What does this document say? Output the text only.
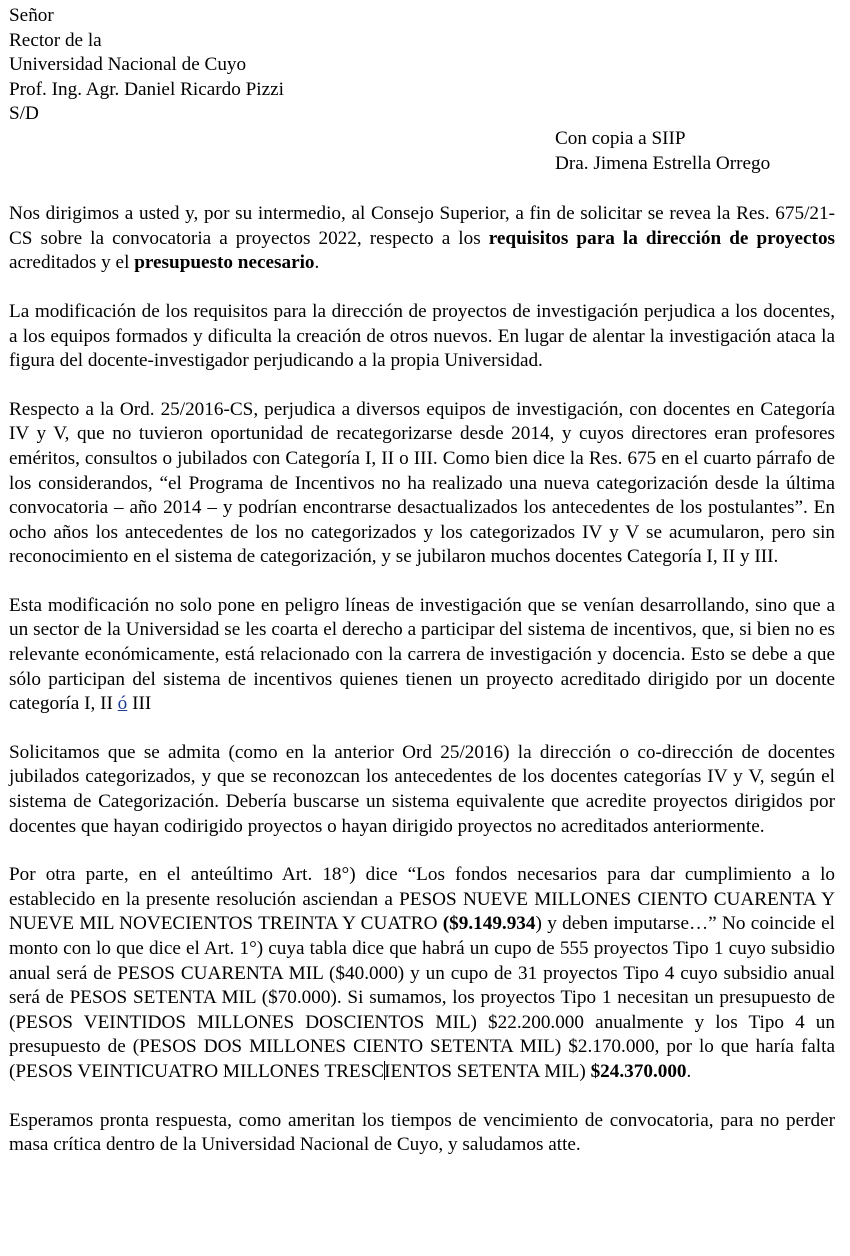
Señor
Rector de la
Universidad Nacional de Cuyo
Prof. Ing. Agr. Daniel Ricardo Pizzi
S/D
Con copia a SIIP
Dra. Jimena Estrella Orrego

Nos dirigimos a usted y, por su intermedio, al Consejo Superior, a fin de solicitar se revea la Res. 675/21-CS sobre la convocatoria a proyectos 2022, respecto a los requisitos para la dirección de proyectos acreditados y el presupuesto necesario.

La modificación de los requisitos para la dirección de proyectos de investigación perjudica a los docentes, a los equipos formados y dificulta la creación de otros nuevos. En lugar de alentar la investigación ataca la figura del docente-investigador perjudicando a la propia Universidad.

Respecto a la Ord. 25/2016-CS, perjudica a diversos equipos de investigación, con docentes en Categoría IV y V, que no tuvieron oportunidad de recategorizarse desde 2014, y cuyos directores eran profesores eméritos, consultos o jubilados con Categoría I, II o III. Como bien dice la Res. 675 en el cuarto párrafo de los considerandos, “el Programa de Incentivos no ha realizado una nueva categorización desde la última convocatoria – año 2014 – y podrían encontrarse desactualizados los antecedentes de los postulantes”. En ocho años los antecedentes de los no categorizados y los categorizados IV y V se acumularon, pero sin reconocimiento en el sistema de categorización, y se jubilaron muchos docentes Categoría I, II y III.

Esta modificación no solo pone en peligro líneas de investigación que se venían desarrollando, sino que a un sector de la Universidad se les coarta el derecho a participar del sistema de incentivos, que, si bien no es relevante económicamente, está relacionado con la carrera de investigación y docencia. Esto se debe a que sólo participan del sistema de incentivos quienes tienen un proyecto acreditado dirigido por un docente categoría I, II ó III

Solicitamos que se admita (como en la anterior Ord 25/2016) la dirección o co-dirección de docentes jubilados categorizados, y que se reconozcan los antecedentes de los docentes categorías IV y V, según el sistema de Categorización. Debería buscarse un sistema equivalente que acredite proyectos dirigidos por docentes que hayan codirigido proyectos o hayan dirigido proyectos no acreditados anteriormente.

Por otra parte, en el anteúltimo Art. 18°) dice “Los fondos necesarios para dar cumplimiento a lo establecido en la presente resolución asciendan a PESOS NUEVE MILLONES CIENTO CUARENTA Y NUEVE MIL NOVECIENTOS TREINTA Y CUATRO ($9.149.934) y deben imputarse…” No coincide el monto con lo que dice el Art. 1°) cuya tabla dice que habrá un cupo de 555 proyectos Tipo 1 cuyo subsidio anual será de PESOS CUARENTA MIL ($40.000) y un cupo de 31 proyectos Tipo 4 cuyo subsidio anual será de PESOS SETENTA MIL ($70.000). Si sumamos, los proyectos Tipo 1 necesitan un presupuesto de (PESOS VEINTIDOS MILLONES DOSCIENTOS MIL) $22.200.000 anualmente y los Tipo 4 un presupuesto de (PESOS DOS MILLONES CIENTO SETENTA MIL) $2.170.000, por lo que haría falta (PESOS VEINTICUATRO MILLONES TRESCIENTOS SETENTA MIL) $24.370.000.

Esperamos pronta respuesta, como ameritan los tiempos de vencimiento de convocatoria, para no perder masa crítica dentro de la Universidad Nacional de Cuyo, y saludamos atte.
